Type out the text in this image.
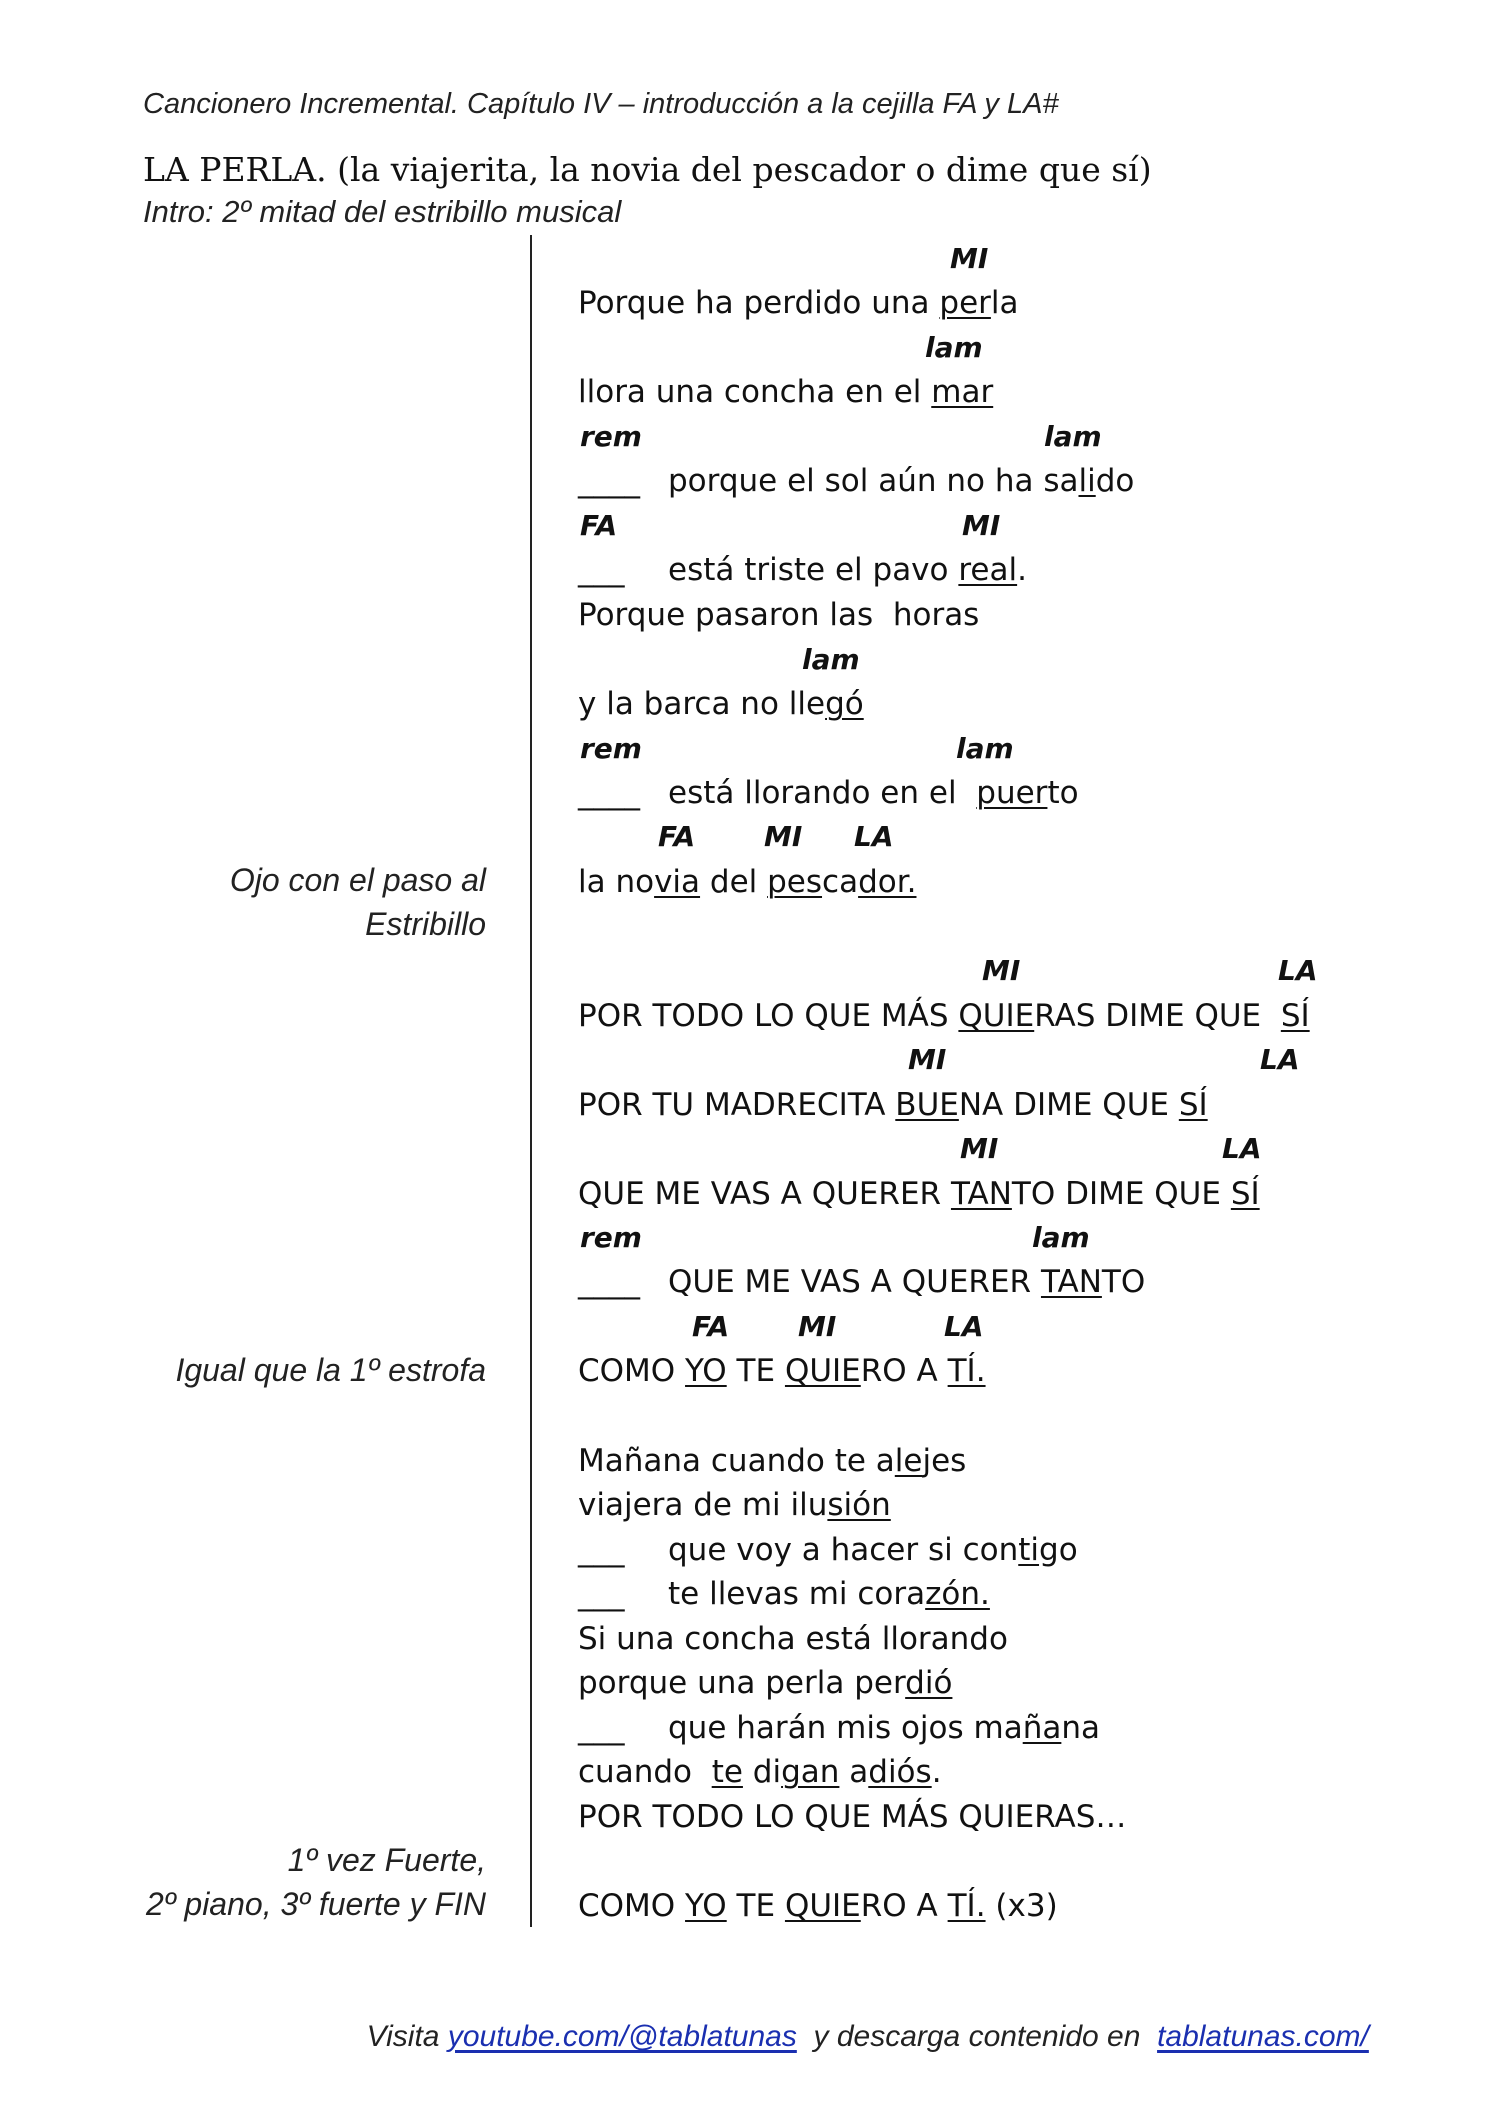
Cancionero Incremental. Capítulo IV – introducción a la cejilla FA y LA#
LA PERLA. (la viajerita, la novia del pescador o dime que sí)
Intro: 2º mitad del estribillo musical
Ojo con el paso al
Estribillo
Igual que la 1º estrofa
1º vez Fuerte,
2º piano, 3º fuerte y FIN
MI
lam
rem	lam
FA	MI
lam
rem	lam
FA MI LA
MI	LA
MI	LA
MI	LA
rem	lam
FA MI	LA
____
___
____
____
___
___
___
Porque ha perdido una perla
llora una concha en el mar
porque el sol aún no ha salido
está triste el pavo real.
Porque pasaron las  horas
y la barca no llegó
está llorando en el  puerto
la novia del pescador.
POR TODO LO QUE MÁS QUIERAS DIME QUE  SÍ
POR TU MADRECITA BUENA DIME QUE SÍ
QUE ME VAS A QUERER TANTO DIME QUE SÍ
QUE ME VAS A QUERER TANTO
COMO YO TE QUIERO A TÍ.
Mañana cuando te alejes
viajera de mi ilusión
que voy a hacer si contigo
te llevas mi corazón.
Si una concha está llorando
porque una perla perdió
que harán mis ojos mañana
cuando  te digan adiós.
POR TODO LO QUE MÁS QUIERAS…
COMO YO TE QUIERO A TÍ. (x3)

Visita youtube.com/@tablatunas  y descarga contenido en  tablatunas.com/
